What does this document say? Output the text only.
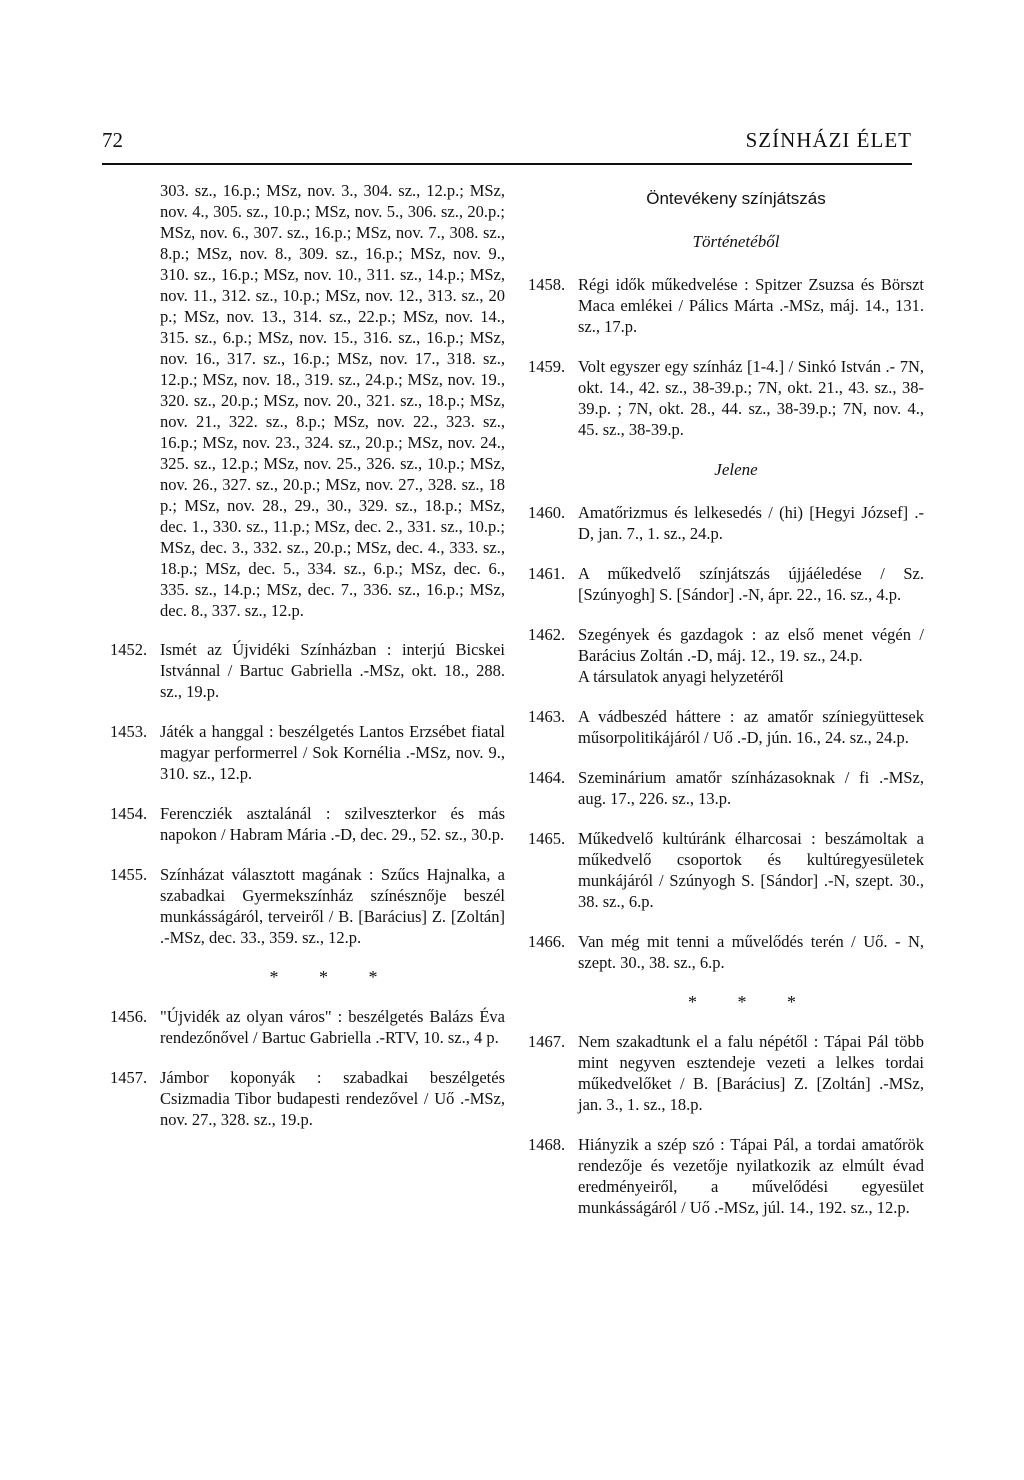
72	SZÍNHÁZI ÉLET

303. sz., 16.p.; MSz, nov. 3., 304. sz., 12.p.; MSz, nov. 4., 305. sz., 10.p.; MSz, nov. 5., 306. sz., 20.p.; MSz, nov. 6., 307. sz., 16.p.; MSz, nov. 7., 308. sz., 8.p.; MSz, nov. 8., 309. sz., 16.p.; MSz, nov. 9., 310. sz., 16.p.; MSz, nov. 10., 311. sz., 14.p.; MSz, nov. 11., 312. sz., 10.p.; MSz, nov. 12., 313. sz., 20 p.; MSz, nov. 13., 314. sz., 22.p.; MSz, nov. 14., 315. sz., 6.p.; MSz, nov. 15., 316. sz., 16.p.; MSz, nov. 16., 317. sz., 16.p.; MSz, nov. 17., 318. sz., 12.p.; MSz, nov. 18., 319. sz., 24.p.; MSz, nov. 19., 320. sz., 20.p.; MSz, nov. 20., 321. sz., 18.p.; MSz, nov. 21., 322. sz., 8.p.; MSz, nov. 22., 323. sz., 16.p.; MSz, nov. 23., 324. sz., 20.p.; MSz, nov. 24., 325. sz., 12.p.; MSz, nov. 25., 326. sz., 10.p.; MSz, nov. 26., 327. sz., 20.p.; MSz, nov. 27., 328. sz., 18 p.; MSz, nov. 28., 29., 30., 329. sz., 18.p.; MSz, dec. 1., 330. sz., 11.p.; MSz, dec. 2., 331. sz., 10.p.; MSz, dec. 3., 332. sz., 20.p.; MSz, dec. 4., 333. sz., 18.p.; MSz, dec. 5., 334. sz., 6.p.; MSz, dec. 6., 335. sz., 14.p.; MSz, dec. 7., 336. sz., 16.p.; MSz, dec. 8., 337. sz., 12.p.

1452. Ismét az Újvidéki Színházban : interjú Bicskei Istvánnal / Bartuc Gabriella .-MSz, okt. 18., 288. sz., 19.p.
1453. Játék a hanggal : beszélgetés Lantos Erzsébet fiatal magyar performerrel / Sok Kornélia .-MSz, nov. 9., 310. sz., 12.p.
1454. Ferencziék asztalánál : szilveszterkor és más napokon / Habram Mária .-D, dec. 29., 52. sz., 30.p.
1455. Színházat választott magának : Szűcs Hajnalka, a szabadkai Gyermekszínház színésznője beszél munkásságáról, terveiről / B. [Barácius] Z. [Zoltán] .-MSz, dec. 33., 359. sz., 12.p.
* * *
1456. "Újvidék az olyan város" : beszélgetés Balázs Éva rendezőnővel / Bartuc Gabriella .-RTV, 10. sz., 4 p.
1457. Jámbor koponyák : szabadkai beszélgetés Csizmadia Tibor budapesti rendezővel / Uő .-MSz, nov. 27., 328. sz., 19.p.
Öntevékeny színjátszás
Történetéből
1458. Régi idők műkedvelése : Spitzer Zsuzsa és Börszt Maca emlékei / Pálics Márta .-MSz, máj. 14., 131. sz., 17.p.
1459. Volt egyszer egy színház [1-4.] / Sinkó István .- 7N, okt. 14., 42. sz., 38-39.p.; 7N, okt. 21., 43. sz., 38-39.p. ; 7N, okt. 28., 44. sz., 38-39.p.; 7N, nov. 4., 45. sz., 38-39.p.
Jelene
1460. Amatőrizmus és lelkesedés / (hi) [Hegyi József] .- D, jan. 7., 1. sz., 24.p.
1461. A műkedvelő színjátszás újjáéledése / Sz. [Szúnyogh] S. [Sándor] .-N, ápr. 22., 16. sz., 4.p.
1462. Szegények és gazdagok : az első menet végén / Barácius Zoltán .-D, máj. 12., 19. sz., 24.p.
A társulatok anyagi helyzetéről
1463. A vádbeszéd háttere : az amatőr színiegyüttesek műsorpolitikájáról / Uő .-D, jún. 16., 24. sz., 24.p.
1464. Szeminárium amatőr színházasoknak / fi .-MSz, aug. 17., 226. sz., 13.p.
1465. Műkedvelő kultúránk élharcosai : beszámoltak a műkedvelő csoportok és kultúregyesületek munkájáról / Szúnyogh S. [Sándor] .-N, szept. 30., 38. sz., 6.p.
1466. Van még mit tenni a művelődés terén / Uő. - N, szept. 30., 38. sz., 6.p.
* * *
1467. Nem szakadtunk el a falu népétől : Tápai Pál több mint negyven esztendeje vezeti a lelkes tordai műkedvelőket / B. [Barácius] Z. [Zoltán] .-MSz, jan. 3., 1. sz., 18.p.
1468. Hiányzik a szép szó : Tápai Pál, a tordai amatőrök rendezője és vezetője nyilatkozik az elmúlt évad eredményeiről, a művelődési egyesület munkásságáról / Uő .-MSz, júl. 14., 192. sz., 12.p.
